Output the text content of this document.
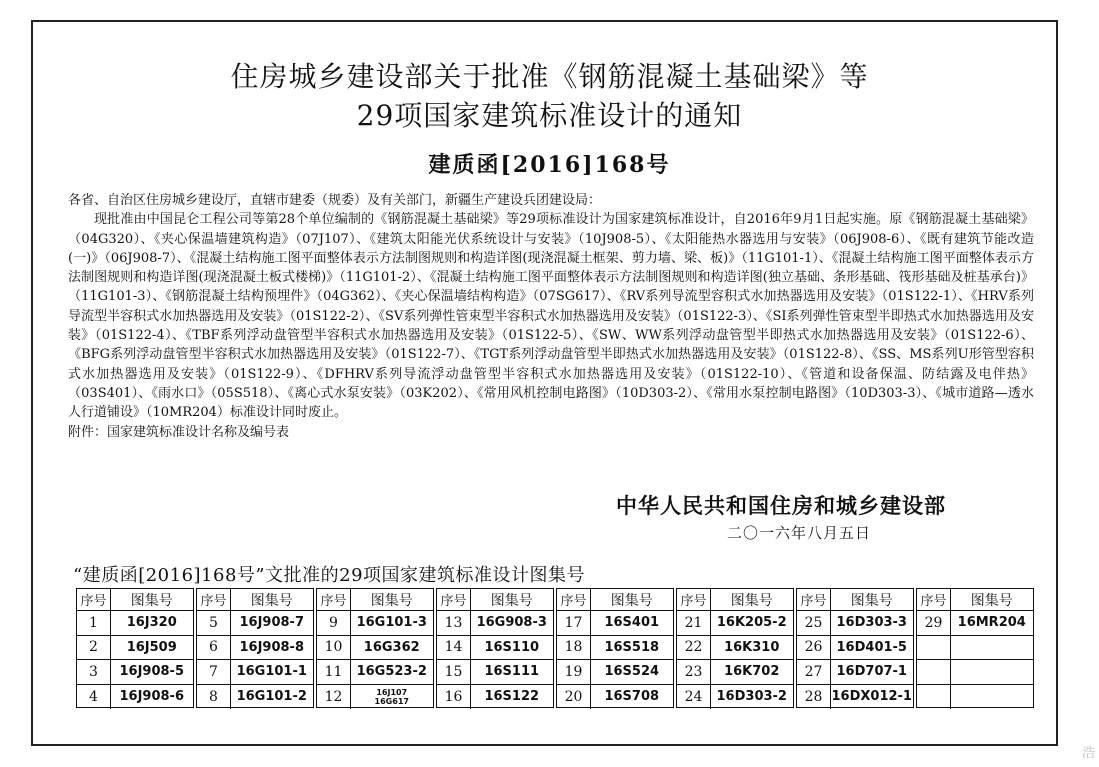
住房城乡建设部关于批准《钢筋混凝土基础梁》等
29项国家建筑标准设计的通知
建质函[2016]168号

各省、自治区住房城乡建设厅，直辖市建委（规委）及有关部门，新疆生产建设兵团建设局：

现批准由中国昆仑工程公司等第28个单位编制的《钢筋混凝土基础梁》等29项标准设计为国家建筑标准设计，自2016年9月1日起实施。原《钢筋混凝土基础梁》（04G320）、《夹心保温墙建筑构造》（07J107）、《建筑太阳能光伏系统设计与安装》（10J908-5）、《太阳能热水器选用与安装》（06J908-6）、《既有建筑节能改造(一)》（06J908-7）、《混凝土结构施工图平面整体表示方法制图规则和构造详图(现浇混凝土框架、剪力墙、梁、板)》（11G101-1）、《混凝土结构施工图平面整体表示方法制图规则和构造详图(现浇混凝土板式楼梯)》（11G101-2）、《混凝土结构施工图平面整体表示方法制图规则和构造详图(独立基础、条形基础、筏形基础及桩基承台)》（11G101-3）、《钢筋混凝土结构预埋件》（04G362）、《夹心保温墙结构构造》（07SG617）、《RV系列导流型容积式水加热器选用及安装》（01S122-1）、《HRV系列导流型半容积式水加热器选用及安装》（01S122-2）、《SV系列弹性管束型半容积式水加热器选用及安装》（01S122-3）、《SI系列弹性管束型半即热式水加热器选用及安装》（01S122-4）、《TBF系列浮动盘管型半容积式水加热器选用及安装》（01S122-5）、《SW、WW系列浮动盘管型半即热式水加热器选用及安装》（01S122-6）、《BFG系列浮动盘管型半容积式水加热器选用及安装》（01S122-7）、《TGT系列浮动盘管型半即热式水加热器选用及安装》（01S122-8）、《SS、MS系列U形管型容积式水加热器选用及安装》（01S122-9）、《DFHRV系列导流浮动盘管型半容积式水加热器选用及安装》（01S122-10）、《管道和设备保温、防结露及电伴热》（03S401）、《雨水口》（05S518）、《离心式水泵安装》（03K202）、《常用风机控制电路图》（10D303-2）、《常用水泵控制电路图》（10D303-3）、《城市道路—透水人行道铺设》（10MR204）标准设计同时废止。

附件：国家建筑标准设计名称及编号表

中华人民共和国住房和城乡建设部
二〇一六年八月五日
“建质函[2016]168号”文批准的29项国家建筑标准设计图集号
序号	图集号
1	16J320
2	16J509
3	16J908-5
4	16J908-6
序号	图集号
5	16J908-7
6	16J908-8
7	16G101-1
8	16G101-2
序号	图集号
9	16G101-3
10	16G362
11	16G523-2
12	16J107
16G617
序号	图集号
13	16G908-3
14	16S110
15	16S111
16	16S122
序号	图集号
17	16S401
18	16S518
19	16S524
20	16S708
序号	图集号
21	16K205-2
22	16K310
23	16K702
24	16D303-2
序号	图集号
25	16D303-3
26	16D401-5
27	16D707-1
28 16DX012-1
序号	图集号
29	16MR204
浩
